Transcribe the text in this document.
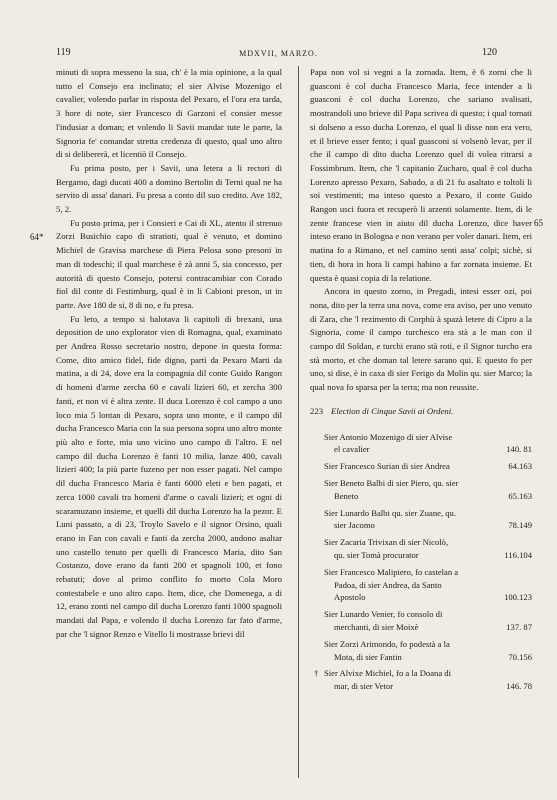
119	MDXVII, MARZO.	120
64*
65

minuti di sopra messeno la sua, ch' è la mia opinione, a la qual tutto el Consejo era inclinato; el sier Alvise Mozenigo el cavalier, volendo parlar in risposta del Pexaro, el l'ora era tarda, 3 hore di note, sier Francesco di Garzoni el consier messe l'indusiar a doman; et volendo li Savii mandar tute le parte, la Signoria fe' comandar stretta credenza di questo, qual uno altro di si delibererà, et licentiò il Consejo.

Fu prima posto, per i Savii, una letera a li rectori di Bergamo, dagi ducati 400 a domino Bertolin di Terni qual ne ha servito di assa' danari. Fu presa a conto dil suo credito. Ave 182, 5, 2.

Fu posto prima, per i Consieri e Cai di XL, atento il strenuo Zorzi Busichio capo di stratioti, qual è venuto, et domino Michiel de Gravisa marchese di Piera Pelosa sono presoni in man di todeschi; il qual marchese è zà anni 5, sia concesso, per autorità di questo Consejo, potersi contracambiar con Corado fiol dil conte di Festimburg, qual è in li Cabioni preson, ut in parte. Ave 180 de si, 8 di no, e fu presa.

Fu leto, a tempo si balotava li capitoli di brexani, una deposition de uno explorator vien di Romagna, qual, examinato per Andrea Rosso secretario nostro, depone in questa forma: Come, dito amico fidel, fide digno, partì da Pexaro Marti da matina, a di 24, dove era la compagnia dil conte Guido Rangon di homeni d'arme zercha 60 e cavali lizieri 60, et zercha 300 fanti, et non vi è altra zente. Il duca Lorenzo è col campo a uno loco mia 5 lontan di Pexaro, sopra uno monte, e il campo dil ducha Francesco Maria con la sua persona sopra uno altro monte più alto e forte, mia uno vicino uno campo di l'altro. E nel campo dil ducha Lorenzo è fanti 10 milia, lanze 400, cavali lizieri 400; la più parte fuzeno per non esser pagati. Nel campo dil ducha Francesco Maria è fanti 6000 eleti e ben pagati, et zerca 1000 cavali tra homeni d'arme o cavali lizieri; et ogni di scaramuzano insieme, et quelli dil ducha Lorenzo ha la pezor. E Luni passato, a di 23, Troylo Savelo e il signor Orsino, quali erano in Fan con cavali e fanti da zercha 2000, andono asaltar uno castello tenuto per quelli di Francesco Maria, dito San Costanzo, dove erano da fanti 200 et spagnoli 100, et fono rebatuti; dove al primo conflito fo morto Cola Moro contestabele e uno altro capo. Item, dice, che Domenega, a di 12, erano zonti nel campo dil ducha Lorenzo fanti 1000 spagnoli mandati dal Papa, e volendo il ducha Lorenzo far fato d'arme, par che 'l signor Renzo e Vitello li mostrasse brievi dil

Papa non vol si vegni a la zornada. Item, è 6 zorni che li guasconi è col ducha Francesco Maria, fece intender a li guasconi è col ducha Lorenzo, che sariano svalisati, mostrandoli uno brieve dil Papa scrivea di questo; i qual tornati si dolseno a esso ducha Lorenzo, el qual li disse non era vero, et il brieve esser fento; i qual guasconi si volsenò levar, per il che il campo di dito ducha Lorenzo quel di volea ritrarsi a Fossimbrum. Item, che 'l capitanio Zucharo, qual è col ducha Lorenzo apresso Pexaro, Sabado, a di 21 fu asaltato e toltoli li soi vestimenti; ma inteso questo a Pexaro, il conte Guido Rangon usci fuora et recuperò li arzenti solamente. Item, di le zente francese vien in aiuto dil ducha Lorenzo, dice haver inteso erano in Bologna e non verano per voler danari. Item, eri matina fo a Rimano, et nel camino senti assa' colpi; sichè, si tien, di hora in hora li campi habino a far zornata insieme. Et questa è quasi copia di la relatione.

Ancora in questo zorno, in Pregadi, intesi esser ozi, poi nona, dito per la terra una nova, come era aviso, per uno venuto di Zara, che 'l rezimento di Corphù à spazà letere di Cipro a la Signoria, come il campo turchesco era stà a le man con il campo dil Soldan, e turchi erano stà roti, e il Signor turcho era stà morto, et che doman tal letere sarano qui. E questo fo per uno, si dise, è in caxa di sier Ferigo da Molin qu. sier Marco; la qual nova fo sparsa per la terra; ma non reussite.

223 Election di Cinque Savii ai Ordeni.
Sier Antonio Mozenigo di sier Alvise
el cavalier	140. 81
Sier Francesco Surian di sier Andrea	64.163
Sier Beneto Balbi di sier Piero, qu. sier
Beneto	65.163
Sier Lunardo Balbi qu. sier Zuane, qu.
sier Jacomo	78.149
Sier Zacaria Trivixan di sier Nicolò,
qu. sier Tomà procurator	116.104
Sier Francesco Malipiero, fo castelan a
Padoa, di sier Andrea, da Santo
Apostolo	100.123
Sier Lunardo Venier, fo consolo di
merchanti, di sier Moixè	137. 87
Sier Zorzi Arimondo, fo podestà a la
Mota, di sier Fantin	70.156
† Sier Alvixe Michiel, fo a la Doana di
mar, di sier Vetor	146. 78
